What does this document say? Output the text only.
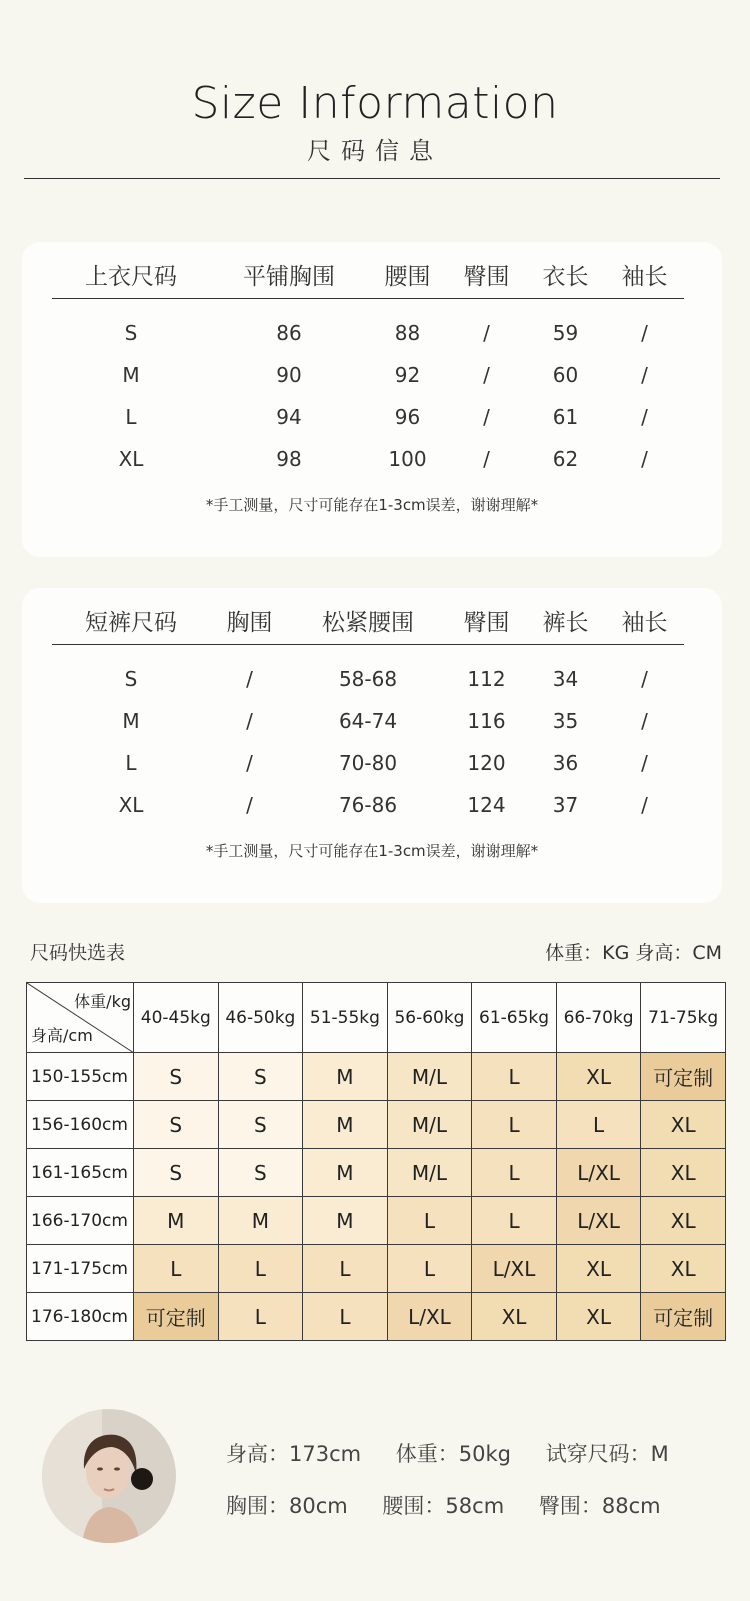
Size Information
尺码信息
上衣尺码	平铺胸围	腰围	臀围	衣长	袖长
S	86	88	/	59	/
M	90	92	/	60	/
L	94	96	/	61	/
XL	98	100	/	62	/
*手工测量，尺寸可能存在1-3cm误差，谢谢理解*
短裤尺码	胸围	松紧腰围	臀围	裤长	袖长
S	/	58-68	112	34	/
M	/	64-74	116	35	/
L	/	70-80	120	36	/
XL	/	76-86	124	37	/
*手工测量，尺寸可能存在1-3cm误差，谢谢理解*
尺码快选表	体重：KG 身高：CM
体重/kg
身高/cm	40-45kg	46-50kg	51-55kg	56-60kg	61-65kg	66-70kg	71-75kg
150-155cm	S	S	M	M/L	L	XL	可定制
156-160cm	S	S	M	M/L	L	L	XL
161-165cm	S	S	M	M/L	L	L/XL	XL
166-170cm	M	M	M	L	L	L/XL	XL
171-175cm	L	L	L	L	L/XL	XL	XL
176-180cm	可定制	L	L	L/XL	XL	XL	可定制
身高：173cm 体重：50kg 试穿尺码：M
胸围：80cm 腰围：58cm 臀围：88cm
